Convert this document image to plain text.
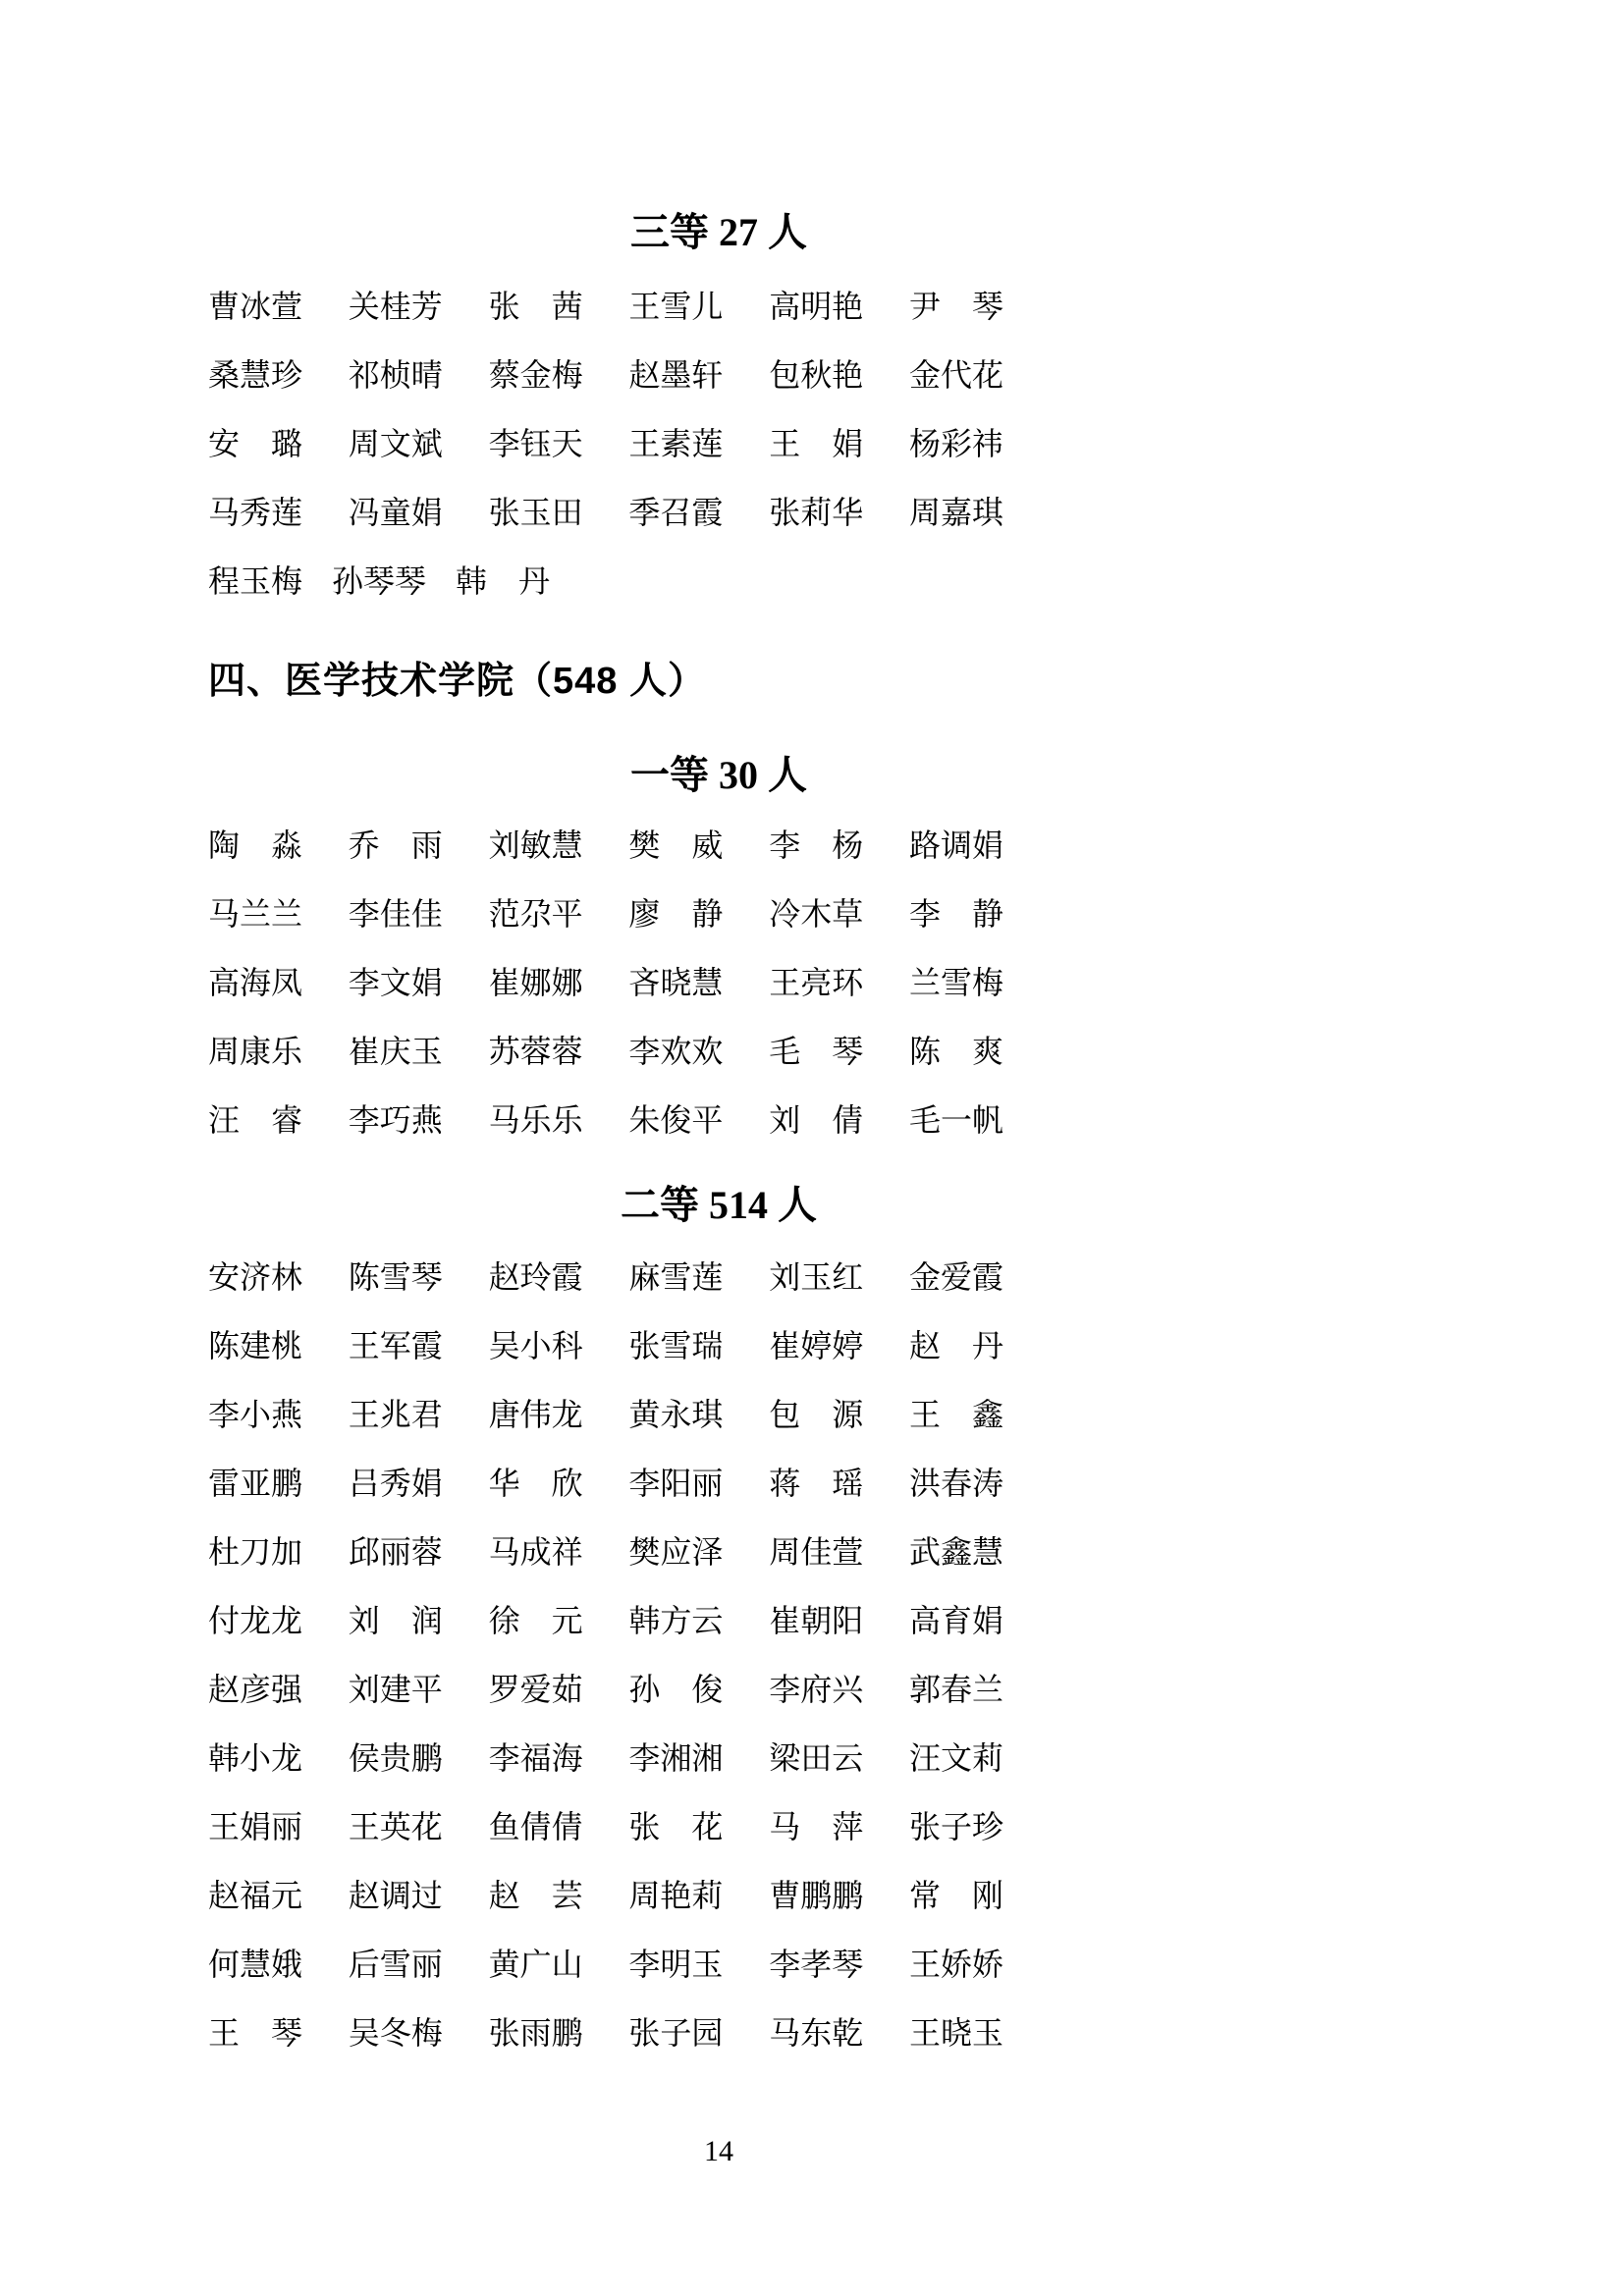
三等 27 人
曹冰萱 关桂芳 张　茜 王雪儿 高明艳 尹　琴
桑慧珍 祁桢晴 蔡金梅 赵墨轩 包秋艳 金代花
安　璐 周文斌 李钰天 王素莲 王　娟 杨彩祎
马秀莲 冯童娟 张玉田 季召霞 张莉华 周嘉琪
程玉梅 孙琴琴 韩　丹
四、医学技术学院（548 人）
一等 30 人
陶　淼 乔　雨 刘敏慧 樊　威 李　杨 路调娟
马兰兰 李佳佳 范尕平 廖　静 冷木草 李　静
高海凤 李文娟 崔娜娜 吝晓慧 王亮环 兰雪梅
周康乐 崔庆玉 苏蓉蓉 李欢欢 毛　琴 陈　爽
汪　睿 李巧燕 马乐乐 朱俊平 刘　倩 毛一帆
二等 514 人
安济林 陈雪琴 赵玲霞 麻雪莲 刘玉红 金爱霞
陈建桃 王军霞 吴小科 张雪瑞 崔婷婷 赵　丹
李小燕 王兆君 唐伟龙 黄永琪 包　源 王　鑫
雷亚鹏 吕秀娟 华　欣 李阳丽 蒋　瑶 洪春涛
杜刀加 邱丽蓉 马成祥 樊应泽 周佳萱 武鑫慧
付龙龙 刘　润 徐　元 韩方云 崔朝阳 高育娟
赵彦强 刘建平 罗爱茹 孙　俊 李府兴 郭春兰
韩小龙 侯贵鹏 李福海 李湘湘 梁田云 汪文莉
王娟丽 王英花 鱼倩倩 张　花 马　萍 张子珍
赵福元 赵调过 赵　芸 周艳莉 曹鹏鹏 常　刚
何慧娥 后雪丽 黄广山 李明玉 李孝琴 王娇娇
王　琴 吴冬梅 张雨鹏 张子园 马东乾 王晓玉
14
